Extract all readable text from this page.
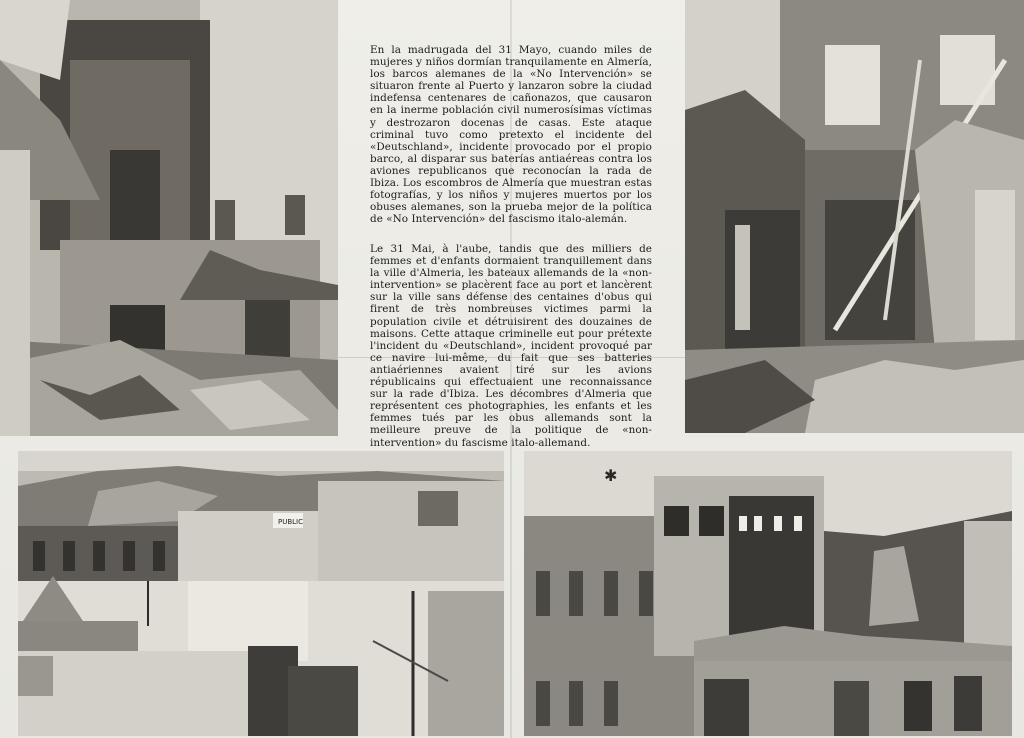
PUBLIC
✱

En la madrugada del 31 Mayo, cuando miles de mujeres y niños dormían tranquilamente en Almería, los barcos alemanes de la «No Intervención» se situaron frente al Puerto y lanzaron sobre la ciudad indefensa centenares de cañonazos, que causaron en la inerme población civil numerosísimas víctimas y destrozaron docenas de casas. Este ataque criminal tuvo como pretexto el incidente del «Deutschland», incidente provocado por el propio barco, al disparar sus baterías antiaéreas contra los aviones republicanos que reconocían la rada de Ibiza. Los escombros de Almería que muestran estas fotografías, y los niños y mujeres muertos por los obuses alemanes, son la prueba mejor de la política de «No Intervención» del fascismo italo-alemán.

Le 31 Mai, à l'aube, tandis que des milliers de femmes et d'enfants dormaient tranquillement dans la ville d'Almeria, les bateaux allemands de la «non-intervention» se placèrent face au port et lancèrent sur la ville sans défense des centaines d'obus qui firent de très nombreuses victimes parmi la population civile et détruisirent des douzaines de maisons. Cette attaque criminelle eut pour prétexte l'incident du «Deutschland», incident provoqué par ce navire lui-même, du fait que ses batteries antiaériennes avaient tiré sur les avions républicains qui effectuaient une reconnaissance sur la rade d'Ibiza. Les décombres d'Almeria que représentent ces photographies, les enfants et les femmes tués par les obus allemands sont la meilleure preuve de la politique de «non-intervention» du fascisme italo-allemand.
